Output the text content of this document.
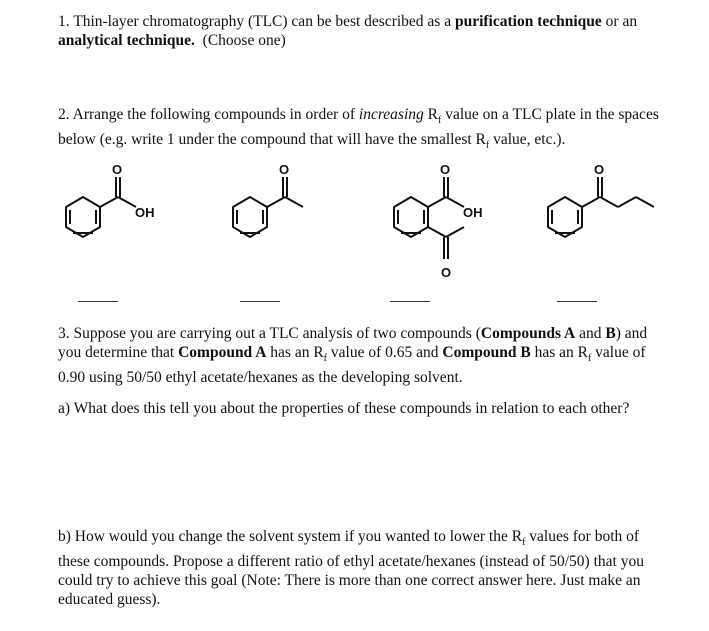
1. Thin-layer chromatography (TLC) can be best described as a purification technique or an
analytical technique.  (Choose one)
2. Arrange the following compounds in order of increasing $R_f$ value on a TLC plate in the spaces
below (e.g. write 1 under the compound that will have the smallest $R_f$ value, etc.).
O
OH
O	O
OH
O
O
3. Suppose you are carrying out a TLC analysis of two compounds (Compounds A and B) and
you determine that Compound A has an $R_f$ value of 0.65 and Compound B has an $R_f$ value of
0.90 using 50/50 ethyl acetate/hexanes as the developing solvent.
a) What does this tell you about the properties of these compounds in relation to each other?
b) How would you change the solvent system if you wanted to lower the $R_f$ values for both of
these compounds. Propose a different ratio of ethyl acetate/hexanes (instead of 50/50) that you
could try to achieve this goal (Note: There is more than one correct answer here. Just make an
educated guess).
